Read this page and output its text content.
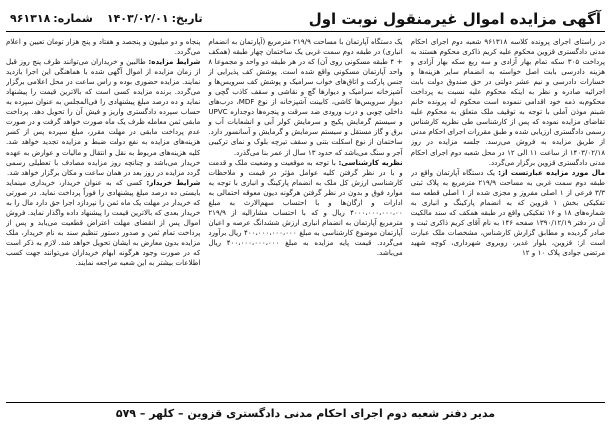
آگهی مزایده اموال غیرمنقول نوبت اول
تاریخ:
۱۴۰۳/۰۲/۰۱
شماره:
۹۶۱۳۱۸

در راستای اجرای پرونده کلاسه ۹۶۱۳۱۸ شعبه دوم اجرای احکام مدنی دادگستری قزوین محکوم علیه کریم ذاکری محکوم هستند به پرداخت ۳۰۵ سکه تمام بهار آزادی و سه ربع سکه بهار آزادی و هزینه دادرسی بابت اصل خواسته به انضمام سایر هزینه‌ها و خسارات دادرسی و نیم عشر دولتی در حق صندوق دولت بابت اجرائیه صادره و نظر به اینکه محکوم علیه نسبت به پرداخت محکوم‌به ذمه خود اقدامی ننموده است محکوم له پرونده خانم شبنم موذن آملی با توجه به توقیف ملک متعلق به محکوم علیه تقاضای مزایده نموده که پس از کارشناسی طی نظریه کارشناس رسمی دادگستری ارزیابی شده و طبق مقررات اجرای احکام مدنی از طریق مزایده به فروش می‌رسد. جلسه مزایده در روز ۱۴۰۳/۰۲/۱۸ از ساعت ۱۱ الی ۱۲ در محل شعبه دوم اجرای احکام مدنی دادگستری قزوین برگزار می‌گردد.

مال مورد مزایده عبارتست از: یک دستگاه آپارتمان واقع در طبقه دوم سمت غربی به مساحت ۲۱۹/۹ مترمربع به پلاک ثبتی ۳/۳ فرعی از ۱ اصلی مفروز و مجزی شده از ۱ اصلی قطعه سه تفکیکی بخش ۱ قزوین که به انضمام پارکینگ و انباری به شماره‌های ۱۸ و ۱۶ تفکیکی واقع در طبقه همکف که سند مالکیت آن در دفتر ۱۳۹۰/۱۲/۱۹ صفحه ۱۴۶ به نام آقای کریم ذاکری ثبت و صادر گردیده و مطابق گزارش کارشناس، مشخصات ملک عبارت است از: قزوین، بلوار غدیر، روبروی شهرداری، کوچه شهید مرتضی جوادی پلاک ۱۰ و ۱۲

یک دستگاه آپارتمان با مساحت ۲۱۹/۹ مترمربع (آپارتمان به انضمام انباری) در طبقه دوم سمت غربی یک ساختمان چهار طبقه (همکف + ۴ طبقه مسکونی روی آن) که در هر طبقه دو واحد و مجموعا ۸ واحد آپارتمان مسکونی واقع شده است. پوشش کف پذیرایی از جنس پارکت و اتاق‌های خواب سرامیک و پوشش کف سرویس‌ها و آشپزخانه سرامیک و دیوارها گچ و نقاشی و سقف کاذب گچی و دیوار سرویس‌ها کاشی، کابینت آشپزخانه از نوع MDF، درب‌های داخلی چوبی و درب ورودی ضد سرقت و پنجره‌ها دوجداره UPVC و سیستم گرمایش پکیج و سرمایش کولر آبی و انشعابات آب و برق و گاز مستقل و سیستم سرمایش و گرمایش و آسانسور دارد. ساختمان از نوع اسکلت بتنی و سقف تیرچه بلوک و نمای ترکیبی آجر و سنگ می‌باشد که حدود ۱۳ سال از عمر بنا می‌گذرد.

نظریه کارشناسی: با توجه به موقعیت و وضعیت ملک و قدمت و با در نظر گرفتن کلیه عوامل مؤثر در قیمت و ملاحظات کارشناسی ارزش کل ملک به انضمام پارکینگ و انباری با توجه به موارد فوق و بدون در نظر گرفتن هرگونه دیون معوقه احتمالی به ادارات و ارگان‌ها و با احتساب سهم‌الارث به مبلغ ۴۰۰۰،۰۰۰،۰۰۰،۰۰ ریال و که با احتساب مشارالیه از ۲۱۹/۹ مترمربع آپارتمان به انضمام انباری ارزش ششدانگ عرصه و اعیان آپارتمان موضوع کارشناسی به مبلغ ۴۰۰،۰۰۰،۰۰۰،۰۰۰ ریال برآورد می‌گردد. قیمت پایه مزایده به مبلغ ۴۰۰،۰۰۰،۰۰۰،۰۰۰ ریال می‌باشد.

پنجاه و دو میلیون و پنجصد و هفتاد و پنج هزار تومان تعیین و اعلام می‌گردد.

شرایط مزایده: طالبین و خریداران می‌توانند ظرف پنج روز قبل از زمان مزایده از اموال آگهی شده با هماهنگی این اجرا بازدید نمایند. مزایده حضوری بوده و راس ساعت در محل اعلامی برگزار می‌گردد. برنده مزایده کسی است که بالاترین قیمت را پیشنهاد نماید و ده درصد مبلغ پیشنهادی را فی‌المجلس به عنوان سپرده به حساب سپرده دادگستری واریز و فیش آن را تحویل دهد. پرداخت مابقی ثمن معامله ظرف یک ماه صورت خواهد گرفت و در صورت عدم پرداخت مابقی در مهلت مقرر، مبلغ سپرده پس از کسر هزینه‌های مزایده به نفع دولت ضبط و مزایده تجدید خواهد شد. کلیه هزینه‌های مربوط به نقل و انتقال و مالیات و عوارض به عهده خریدار می‌باشد و چنانچه روز مزایده مصادف با تعطیلی رسمی گردد مزایده در روز بعد در همان ساعت و مکان برگزار خواهد شد.

شرایط خریدار: کسی که به عنوان خریدار، خریداری مینماید بایستی ده درصد مبلغ پیشنهادی را فوراً پرداخت نماید. در صورتی که خریدار در مهلت یک ماه ثمن را نپردازد اجرا حق دارد مال را به خریدار بعدی که بالاترین قیمت را پیشنهاد داده واگذار نماید. فروش اموال پس از انقضای مهلت اعتراض قطعیت می‌یابد و پس از پرداخت تمام ثمن و صدور دستور تنظیم سند به نام خریدار، ملک مزایده بدون معارض به ایشان تحویل خواهد شد. لازم به ذکر است که در صورت وجود هرگونه ابهام خریداران می‌توانند جهت کسب اطلاعات بیشتر به این شعبه مراجعه نمایند.

مدیر دفتر شعبه دوم اجرای احکام مدنی دادگستری قزوین – کلهر – ۵۷۹
